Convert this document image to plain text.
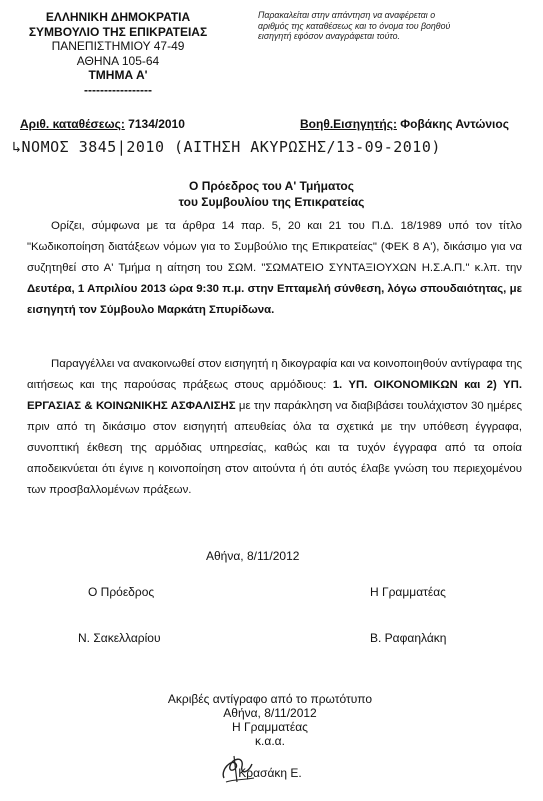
ΕΛΛΗΝΙΚΗ ΔΗΜΟΚΡΑΤΙΑ
ΣΥΜΒΟΥΛΙΟ ΤΗΣ ΕΠΙΚΡΑΤΕΙΑΣ
ΠΑΝΕΠΙΣΤΗΜΙΟΥ 47-49
ΑΘΗΝΑ 105-64
ΤΜΗΜΑ Α'
-----------------
Παρακαλείται στην απάντηση να αναφέρεται ο αριθμός της καταθέσεως και το όνομα του βοηθού εισηγητή εφόσον αναγράφεται τούτο.
Αριθ. καταθέσεως: 7134/2010	Βοηθ.Εισηγητής: Φοβάκης Αντώνιος
↳ΝΟΜΟΣ 3845|2010 (ΑΙΤΗΣΗ ΑΚΥΡΩΣΗΣ/13-09-2010)
Ο Πρόεδρος του Α' Τμήματος
του Συμβουλίου της Επικρατείας
Ορίζει, σύμφωνα με τα άρθρα 14 παρ. 5, 20 και 21 του Π.Δ. 18/1989 υπό τον τίτλο "Κωδικοποίηση διατάξεων νόμων για το Συμβούλιο της Επικρατείας" (ΦΕΚ 8 Α'), δικάσιμο για να συζητηθεί στο Α' Τμήμα η αίτηση του ΣΩΜ. "ΣΩΜΑΤΕΙΟ ΣΥΝΤΑΞΙΟΥΧΩΝ Η.Σ.Α.Π." κ.λπ. την Δευτέρα, 1 Απριλίου 2013 ώρα 9:30 π.μ. στην Επταμελή σύνθεση, λόγω σπουδαιότητας, με εισηγητή τον Σύμβουλο Μαρκάτη Σπυρίδωνα.
Παραγγέλλει να ανακοινωθεί στον εισηγητή η δικογραφία και να κοινοποιηθούν αντίγραφα της αιτήσεως και της παρούσας πράξεως στους αρμόδιους: 1. ΥΠ. ΟΙΚΟΝΟΜΙΚΩΝ και 2) ΥΠ. ΕΡΓΑΣΙΑΣ & ΚΟΙΝΩΝΙΚΗΣ ΑΣΦΑΛΙΣΗΣ με την παράκληση να διαβιβάσει τουλάχιστον 30 ημέρες πριν από τη δικάσιμο στον εισηγητή απευθείας όλα τα σχετικά με την υπόθεση έγγραφα, συνοπτική έκθεση της αρμόδιας υπηρεσίας, καθώς και τα τυχόν έγγραφα από τα οποία αποδεικνύεται ότι έγινε η κοινοποίηση στον αιτούντα ή ότι αυτός έλαβε γνώση του περιεχομένου των προσβαλλομένων πράξεων.
Αθήνα, 8/11/2012
Ο Πρόεδρος	Η Γραμματέας
Ν. Σακελλαρίου	Β. Ραφαηλάκη
Ακριβές αντίγραφο από το πρωτότυπο
Αθήνα, 8/11/2012
Η Γραμματέας
κ.α.α.
Κρασάκη Ε.
